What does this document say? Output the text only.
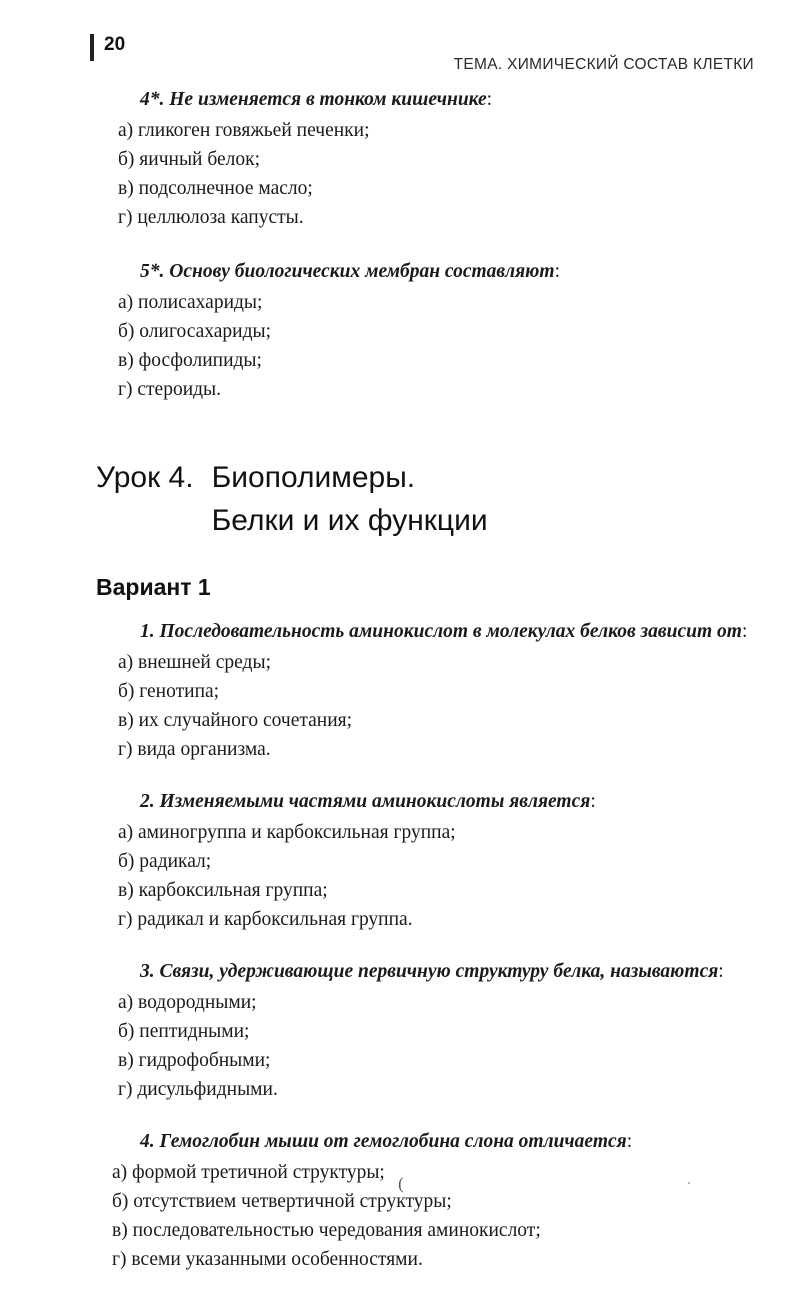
20
ТЕМА. ХИМИЧЕСКИЙ СОСТАВ КЛЕТКИ
4*. Не изменяется в тонком кишечнике:
а) гликоген говяжьей печенки;
б) яичный белок;
в) подсолнечное масло;
г) целлюлоза капусты.
5*. Основу биологических мембран составляют:
а) полисахариды;
б) олигосахариды;
в) фосфолипиды;
г) стероиды.
Урок 4. Биополимеры.
Белки и их функции
Вариант 1
1. Последовательность аминокислот в молекулах белков зависит от:
а) внешней среды;
б) генотипа;
в) их случайного сочетания;
г) вида организма.
2. Изменяемыми частями аминокислоты является:
а) аминогруппа и карбоксильная группа;
б) радикал;
в) карбоксильная группа;
г) радикал и карбоксильная группа.
3. Связи, удерживающие первичную структуру белка, называются:
а) водородными;
б) пептидными;
в) гидрофобными;
г) дисульфидными.
4. Гемоглобин мыши от гемоглобина слона отличается:
а) формой третичной структуры;
б) отсутствием четвертичной структуры;
в) последовательностью чередования аминокислот;
г) всеми указанными особенностями.
(
